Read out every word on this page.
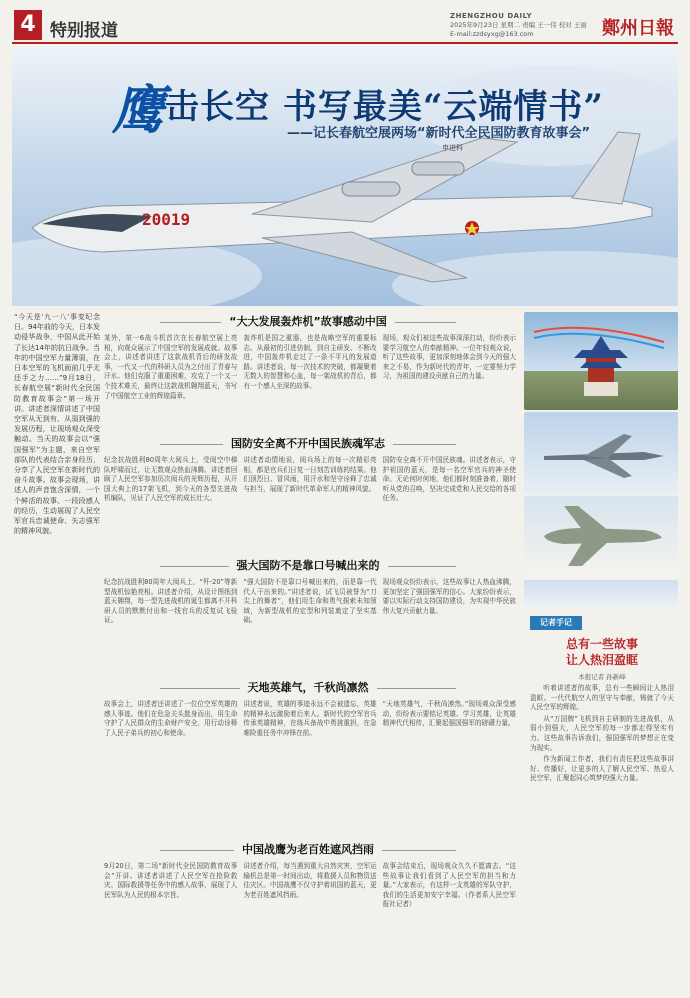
4 特别报道
ZHENGZHOU DAILY
2025年9月23日 星期二 责编 王一伟 校对 王丽
E-mail:zzdsyxg@163.com	鄭州日報
20019
鹰击长空 书写最美“云端情书”
——记长春航空展两场“新时代全民国防教育故事会”
申进科
“今天是‘九一八’事变纪念日。94年前的今天，日本发动侵华战争，中国从此开始了长达14年的抗日战争。当年的中国空军力量薄弱，在日本空军的飞机面前几乎无还手之力……”9月18日，长春航空展“新时代全民国防教育故事会”第一场开讲。讲述者深情讲述了中国空军从无到有、从弱到强的发展历程，让现场观众深受触动。当天的故事会以“强国强军”为主题，来自空军部队的代表结合亲身经历，分享了人民空军在新时代的奋斗故事。故事会现场，讲述人的声音饱含深情，一个个鲜活的故事、一段段感人的经历，生动展现了人民空军官兵忠诚使命、矢志强军的精神风貌。
“大大发展轰炸机”故事感动中国

某外，第一6战斗机首次在长春航空展上亮相，向观众展示了中国空军的发展成就。故事会上，讲述者讲述了这款战机背后的研发故事，一代又一代的科研人员为之付出了青春与汗水。他们克服了重重困难，攻克了一个又一个技术难关，最终让这款战机翱翔蓝天，书写了中国航空工业的辉煌篇章。

轰炸机是国之重器，也是战略空军的重要标志。从最初的引进仿制，到自主研发、不断改进，中国轰炸机走过了一条不平凡的发展道路。讲述者说，每一次技术的突破，都凝聚着无数人的智慧和心血，每一架战机的背后，都有一个感人至深的故事。

现场，观众们被这些故事深深打动，纷纷表示要学习航空人的奉献精神。一位年轻观众说，听了这些故事，更加深刻地体会到今天的强大来之不易，作为新时代的青年，一定要努力学习，为祖国的建设贡献自己的力量。

国防安全离不开中国民族魂军志

纪念抗战胜利80周年大阅兵上，受阅空中梯队呼啸而过，让无数观众热血沸腾。讲述者回顾了人民空军参加历次阅兵的光辉历程，从开国大典上的17架飞机，到今天的各型先进战机编队，见证了人民空军的成长壮大。

讲述者动情地说，阅兵场上的每一次精彩亮相，都是官兵们日复一日刻苦训练的结果。他们顶烈日、冒风雨，用汗水和坚守诠释了忠诚与担当，展现了新时代革命军人的精神风貌。

国防安全离不开中国民族魂。讲述者表示，守护祖国的蓝天，是每一名空军官兵的神圣使命。无论何时何地，他们都时刻准备着，随时听从党的召唤，坚决完成党和人民交给的各项任务。

强大国防不是靠口号喊出来的

纪念抗战胜利80周年大阅兵上，“歼-20”等新型战机惊艳亮相。讲述者介绍，从设计图纸到蓝天翱翔，每一型先进战机的诞生都离不开科研人员的默默付出和一线官兵的反复试飞验证。

“强大国防不是靠口号喊出来的，而是靠一代代人干出来的。”讲述者说，试飞员被誉为“刀尖上的舞者”，他们用生命和勇气探索未知领域，为新型战机的定型和列装奠定了坚实基础。

现场观众纷纷表示，这些故事让人热血沸腾，更加坚定了强国强军的信心。大家纷纷表示，要以实际行动支持国防建设，为实现中华民族伟大复兴贡献力量。

天地英雄气，千秋尚凛然

故事会上，讲述者还讲述了一位位空军英雄的感人事迹。他们在危急关头挺身而出，用生命守护了人民群众的生命财产安全，用行动诠释了人民子弟兵的初心和使命。

讲述者说，英雄的事迹永远不会被遗忘，英雄的精神永远激励着后来人。新时代的空军官兵传承英雄精神，在练兵备战中勇挑重担，在急难险重任务中冲锋在前。

“天地英雄气，千秋尚凛然。”现场观众深受感动，纷纷表示要铭记英雄、学习英雄，让英雄精神代代相传，汇聚起强国强军的磅礴力量。

中国战鹰为老百姓遮风挡雨

9月20日，第二场“新时代全民国防教育故事会”开讲。讲述者讲述了人民空军在抢险救灾、国际救援等任务中的感人故事，展现了人民军队为人民的根本宗旨。

讲述者介绍，每当遇到重大自然灾害，空军运输机总是第一时间出动，将救援人员和物资送往灾区。中国战鹰不仅守护着祖国的蓝天，更为老百姓遮风挡雨。

故事会结束后，现场观众久久不愿离去。“这些故事让我们看到了人民空军的担当和力量。”大家表示，有这样一支英雄的军队守护，我们的生活更加安宁幸福。（作者系人民空军报社记者）

记者手记
总有一些故事
让人热泪盈眶
本报记者 孙新峰

听着讲述者的故事，总有一些瞬间让人热泪盈眶。一代代航空人的坚守与奉献，铸就了今天人民空军的辉煌。

从“万国牌”飞机到自主研制的先进战机，从弱小到强大，人民空军的每一步都走得坚实有力。这些故事告诉我们，强国强军的梦想正在变为现实。

作为新闻工作者，我们有责任把这些故事讲好、传播好，让更多的人了解人民空军、热爱人民空军，汇聚起同心筑梦的强大力量。
